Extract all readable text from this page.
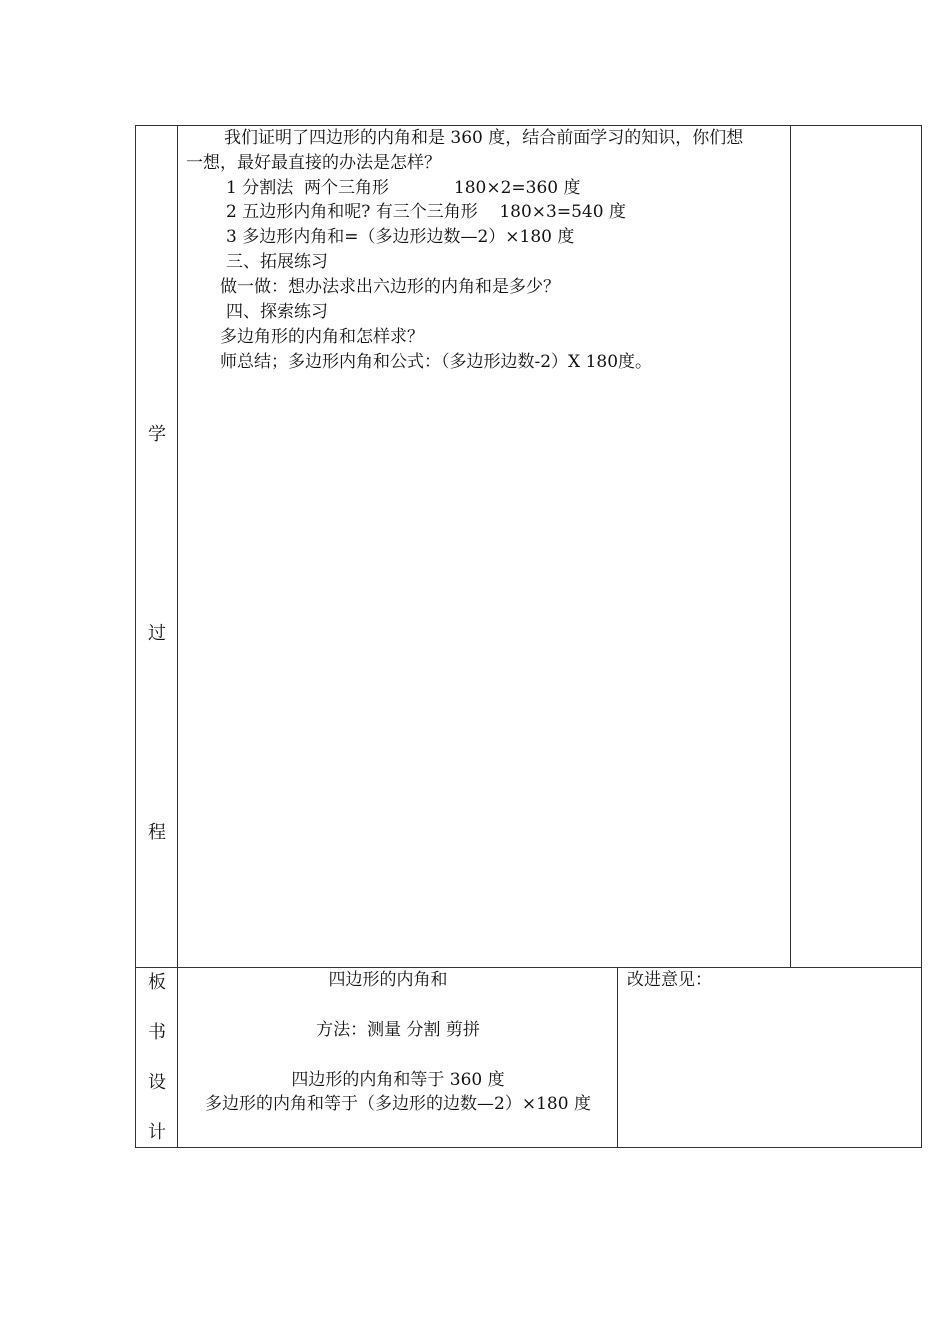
学
过
程
板
书
设
计
我们证明了四边形的内角和是 360 度，结合前面学习的知识，你们想
一想，最好最直接的办法是怎样？
1 分割法  两个三角形            180×2=360 度
2 五边形内角和呢? 有三个三角形    180×3=540 度
3 多边形内角和=（多边形边数—2）×180 度
三、拓展练习
做一做：想办法求出六边形的内角和是多少？
四、探索练习
多边角形的内角和怎样求？
师总结；多边形内角和公式：（多边形边数-2）X 180度。
四边形的内角和
方法：测量 分割 剪拼
四边形的内角和等于 360 度
多边形的内角和等于（多边形的边数—2）×180 度
改进意见：
